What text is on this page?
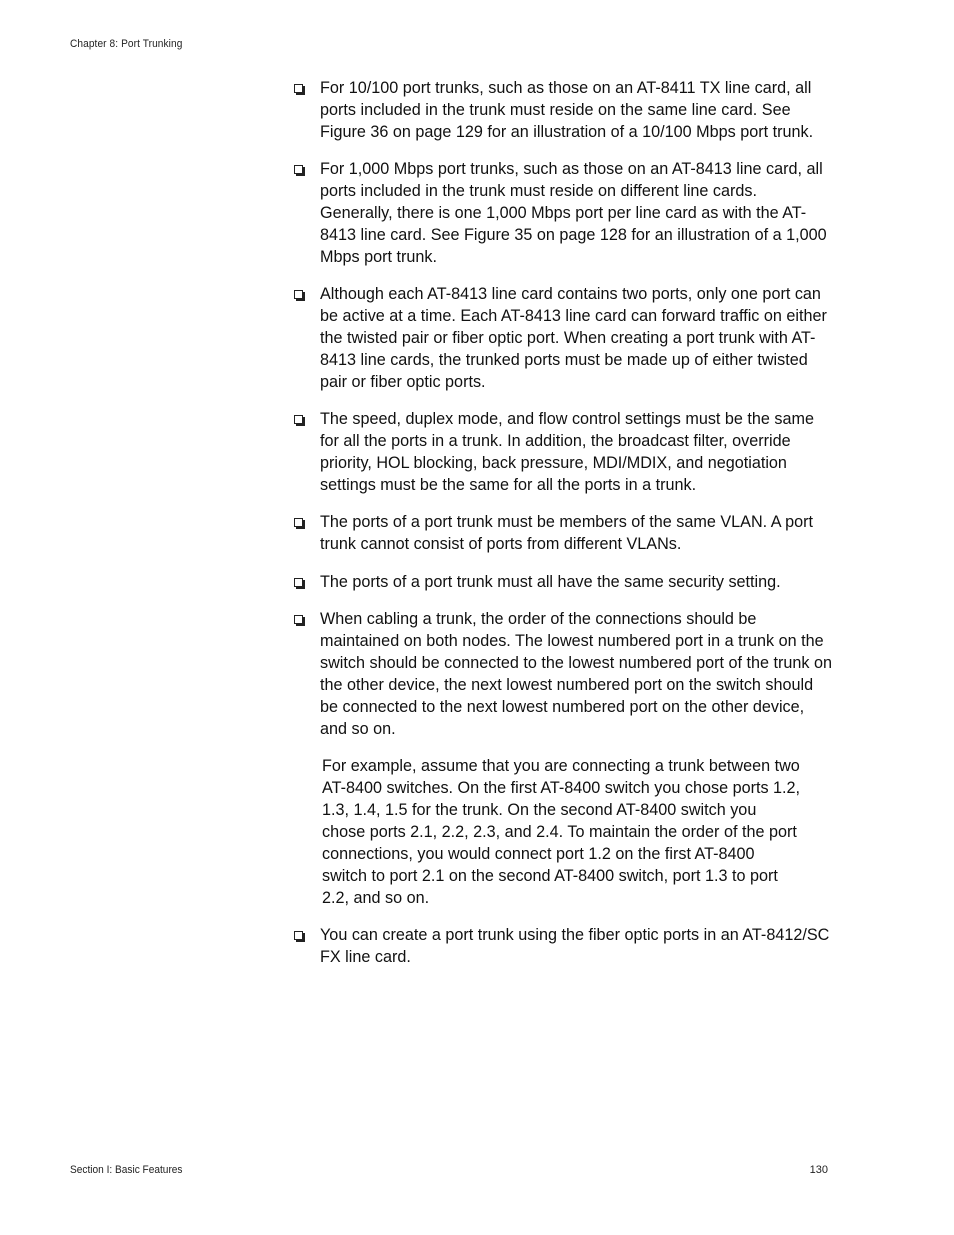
Chapter 8: Port Trunking
For 10/100 port trunks, such as those on an AT-8411 TX line card, all ports included in the trunk must reside on the same line card. See Figure 36 on page 129 for an illustration of a 10/100 Mbps port trunk.
For 1,000 Mbps port trunks, such as those on an AT-8413 line card, all ports included in the trunk must reside on different line cards. Generally, there is one 1,000 Mbps port per line card as with the AT-8413 line card. See Figure 35 on page 128 for an illustration of a 1,000 Mbps port trunk.
Although each AT-8413 line card contains two ports, only one port can be active at a time. Each AT-8413 line card can forward traffic on either the twisted pair or fiber optic port. When creating a port trunk with AT-8413 line cards, the trunked ports must be made up of either twisted pair or fiber optic ports.
The speed, duplex mode, and flow control settings must be the same for all the ports in a trunk. In addition, the broadcast filter, override priority, HOL blocking, back pressure, MDI/MDIX, and negotiation settings must be the same for all the ports in a trunk.
The ports of a port trunk must be members of the same VLAN. A port trunk cannot consist of ports from different VLANs.
The ports of a port trunk must all have the same security setting.
When cabling a trunk, the order of the connections should be maintained on both nodes. The lowest numbered port in a trunk on the switch should be connected to the lowest numbered port of the trunk on the other device, the next lowest numbered port on the switch should be connected to the next lowest numbered port on the other device, and so on.
For example, assume that you are connecting a trunk between two AT-8400 switches. On the first AT-8400 switch you chose ports 1.2, 1.3, 1.4, 1.5 for the trunk. On the second AT-8400 switch you chose ports 2.1, 2.2, 2.3, and 2.4. To maintain the order of the port connections, you would connect port 1.2 on the first AT-8400 switch to port 2.1 on the second AT-8400 switch, port 1.3 to port 2.2, and so on.
You can create a port trunk using the fiber optic ports in an AT-8412/SC FX line card.
Section I: Basic Features	130
